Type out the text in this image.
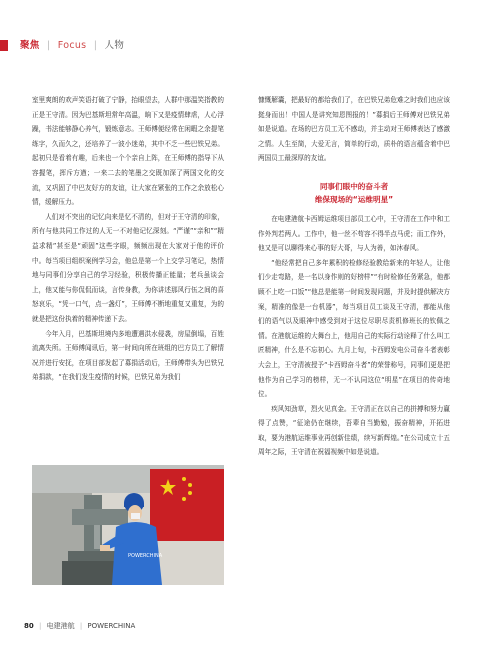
聚焦 | Focus | 人物

室里爽朗的欢声笑语打破了宁静，抬眼望去，人群中那温笑指教的正是王守清。因为巴基斯坦常年高温，晌下又是疫情肆虐，人心浮躁，书法能够静心养气，锻炼意志。王师傅便经常在闲暇之余提笔练字，久而久之，还培养了一波小迷弟，其中不乏一些巴铁兄弟。起初只是看着有趣，后来也一个个亲自上阵，在王师傅的指导下从容握笔，挥斥方遒；一来二去的笔墨之交既加深了两国文化的交流，又巩固了中巴友好方的友谊，让大家在紧张的工作之余放松心情，缓解压力。

人们对不突出的记忆向来是忆不清的，但对于王守清的印象，所有与他共同工作过的人无一不对他记忆深刻。“严谨”“亲和”“精益求精”甚至是“顽固”这些字眼，频频出现在大家对于他的评价中。每当项目组织案例学习会，他总是第一个上交学习笔记，热情地与同事们分享自己的学习经验，积极传播正能量；老兵虽谈会上，他又能与你侃侃而谈，言传身教，为你讲述那风行伍之间的喜怒哀乐，“凭一口气，点一盏灯”，王师傅不断地重复又重复，为的就是把这份执着的精神传递下去。

今年入月，巴基斯坦境内多地遭遇洪水侵袭，房屋倒塌，百姓流离失所。王师傅闻讯后，第一时间向所在班组的巴方员工了解情况并进行安抚，在项目部发起了募捐活动后，王师傅带头为巴铁兄弟捐款，“在我们发生疫情的时候，巴铁兄弟为我们

POWERCHINA

慷慨解囊，把最好的都给我们了，在巴铁兄弟危难之时我们也应该挺身而出！中国人是讲究知恩图报的！”募捐后王师傅对巴铁兄弟如是说道。在场的巴方员工无不感动，并主动对王师傅表达了感激之情。人生至简，大爱无言，简单的行动，质朴的语言蕴含着中巴两国员工最深厚的友谊。

同事们眼中的奋斗者
维保现场的“运维明星”

在电建港航卡西姆运维项目部员工心中，王守清在工作中和工作外判若两人。工作中，他一丝不苟容不得半点马虎；而工作外，他又是可以聊得来心事的好大哥，与人为善，如沐春风。

“他经常把自己多年累积的检修经验教给新来的年轻人，让他们少走弯路，是一名以身作则的好榜样”“有时检修任务紧急，他都顾不上吃一口饭”“他总是能第一时间发现问题，并及时提供解决方案，精准的像是一台机器”，每当项目员工谈及王守清，都能从他们的语气以及眼神中感受到对于这位尽职尽责机修班长的钦佩之情。在港航运维的大舞台上，他用自己的实际行动诠释了什么叫工匠精神，什么是不忘初心。九月上旬，卡西姆发电公司奋斗者表彰大会上，王守清被授予“卡西姆奋斗者”的荣誉称号，同事们更是把他作为自己学习的榜样，无一不认同这位“明星”在项目的传奇地位。

疾风知劲草，烈火见真金。王守清正在以自己的拼搏和努力赢得了点赞，“征途仍在继续，吾辈自当勤勉，振奋精神，开拓进取，要为港航运维事业再创新佳绩，续写新辉煌。”在公司成立十五周年之际，王守清在祝福视频中如是说道。

80 | 电建港航 | POWERCHINA
